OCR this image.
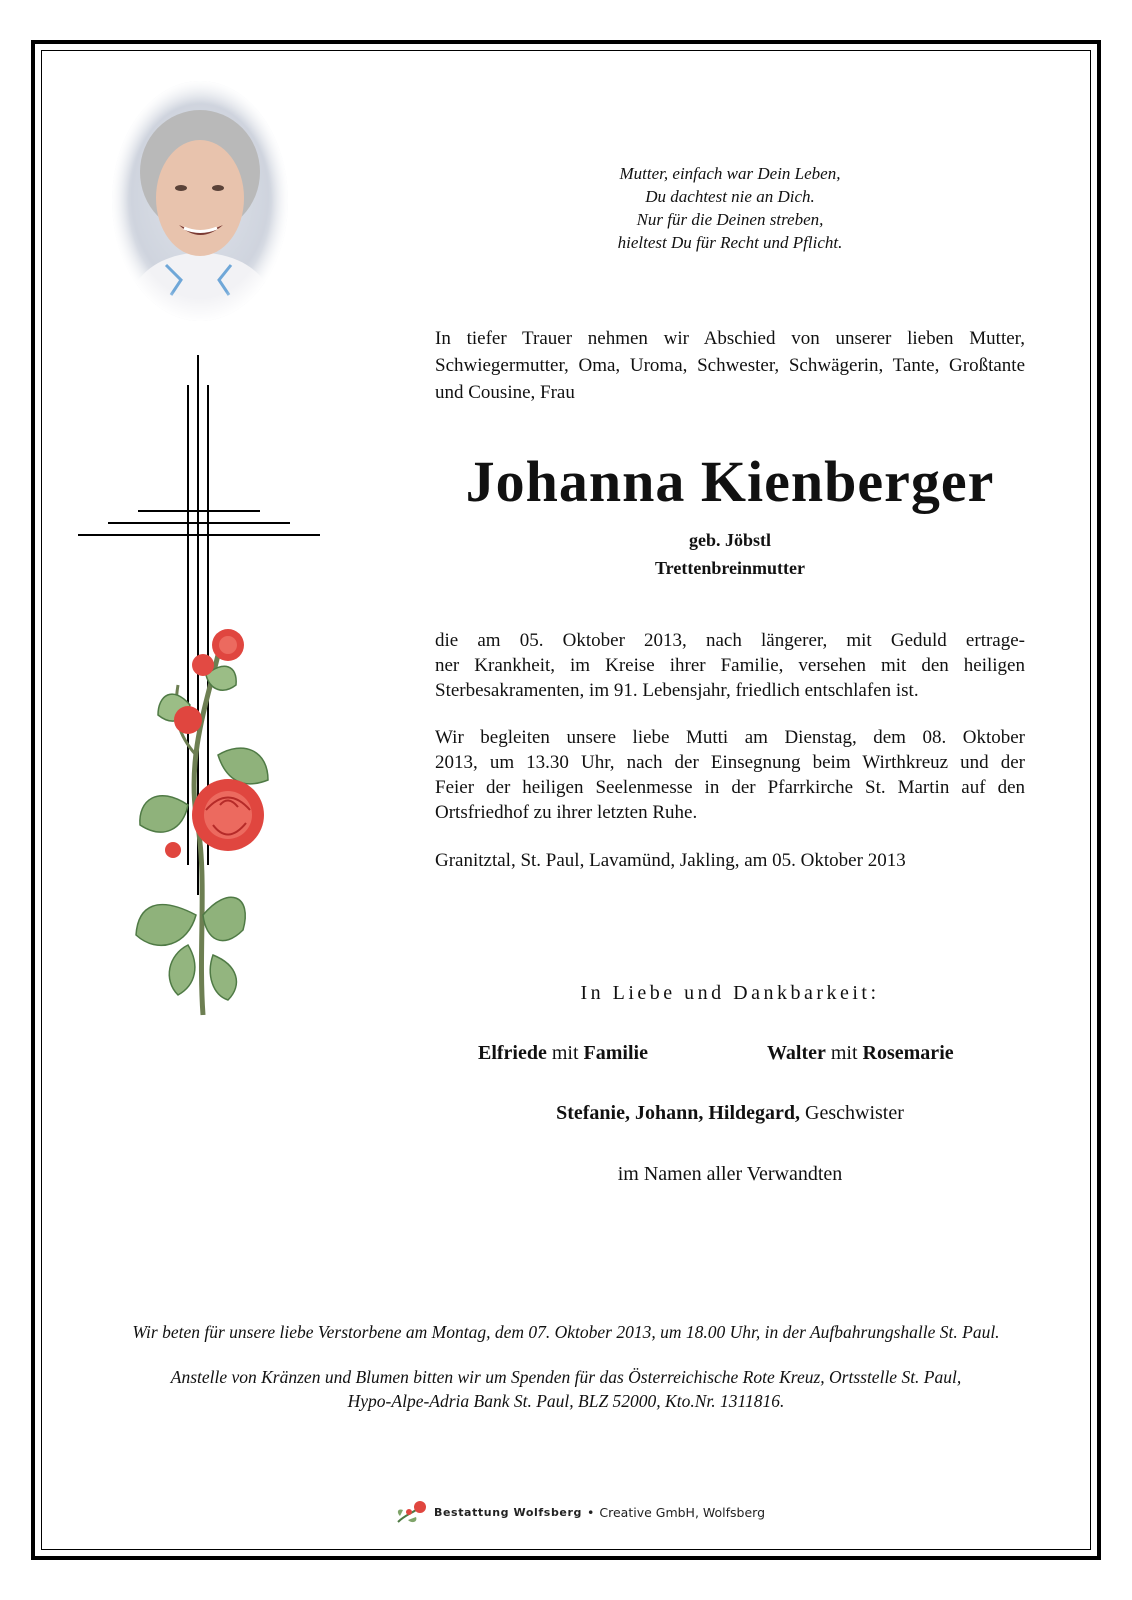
Mutter, einfach war Dein Leben,
Du dachtest nie an Dich.
Nur für die Deinen streben,
hieltest Du für Recht und Pflicht.
In tiefer Trauer nehmen wir Abschied von unserer lieben Mutter,
Schwiegermutter, Oma, Uroma, Schwester, Schwägerin, Tante, Großtante
und Cousine, Frau
Johanna Kienberger
geb. Jöbstl
Trettenbreinmutter
die am 05. Oktober 2013, nach längerer, mit Geduld ertrage-
ner Krankheit, im Kreise ihrer Familie, versehen mit den heiligen
Sterbesakramenten, im 91. Lebensjahr, friedlich entschlafen ist.
Wir begleiten unsere liebe Mutti am Dienstag, dem 08. Oktober
2013, um 13.30 Uhr, nach der Einsegnung beim Wirthkreuz und der
Feier der heiligen Seelenmesse in der Pfarrkirche St. Martin auf den
Ortsfriedhof zu ihrer letzten Ruhe.
Granitztal, St. Paul, Lavamünd, Jakling, am 05. Oktober 2013
In Liebe und Dankbarkeit:
Elfriede mit Familie	Walter mit Rosemarie
Stefanie, Johann, Hildegard, Geschwister
im Namen aller Verwandten
Wir beten für unsere liebe Verstorbene am Montag, dem 07. Oktober 2013, um 18.00 Uhr, in der Aufbahrungshalle St. Paul.
Anstelle von Kränzen und Blumen bitten wir um Spenden für das Österreichische Rote Kreuz, Ortsstelle St. Paul,
Hypo-Alpe-Adria Bank St. Paul, BLZ 52000, Kto.Nr. 1311816.
Bestattung Wolfsberg • Creative GmbH, Wolfsberg
